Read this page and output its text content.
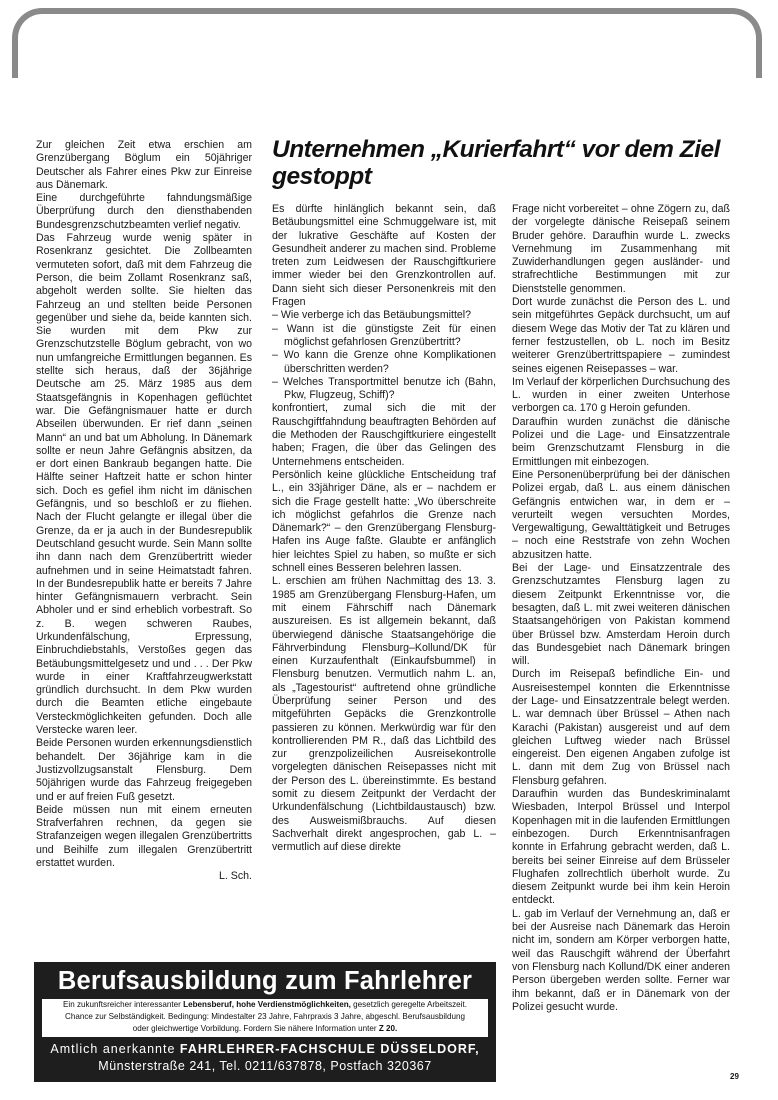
Zur gleichen Zeit etwa erschien am Grenzübergang Böglum ein 50jähriger Deutscher als Fahrer eines Pkw zur Einreise aus Dänemark.

Eine durchgeführte fahndungsmäßige Überprüfung durch den diensthabenden Bundesgrenzschutzbeamten verlief negativ.

Das Fahrzeug wurde wenig später in Rosenkranz gesichtet. Die Zollbeamten vermuteten sofort, daß mit dem Fahrzeug die Person, die beim Zollamt Rosenkranz saß, abgeholt werden sollte. Sie hielten das Fahrzeug an und stellten beide Personen gegenüber und siehe da, beide kannten sich. Sie wurden mit dem Pkw zur Grenzschutzstelle Böglum gebracht, von wo nun umfangreiche Ermittlungen begannen. Es stellte sich heraus, daß der 36jährige Deutsche am 25. März 1985 aus dem Staatsgefängnis in Kopenhagen geflüchtet war. Die Gefängnismauer hatte er durch Abseilen überwunden. Er rief dann „seinen Mann“ an und bat um Abholung. In Dänemark sollte er neun Jahre Gefängnis absitzen, da er dort einen Bankraub begangen hatte. Die Hälfte seiner Haftzeit hatte er schon hinter sich. Doch es gefiel ihm nicht im dänischen Gefängnis, und so beschloß er zu fliehen. Nach der Flucht gelangte er illegal über die Grenze, da er ja auch in der Bundesrepublik Deutschland gesucht wurde. Sein Mann sollte ihn dann nach dem Grenzübertritt wieder aufnehmen und in seine Heimatstadt fahren. In der Bundesrepublik hatte er bereits 7 Jahre hinter Gefängnismauern verbracht. Sein Abholer und er sind erheblich vorbestraft. So z. B. wegen schweren Raubes, Urkundenfälschung, Erpressung, Einbruchdiebstahls, Verstoßes gegen das Betäubungsmittelgesetz und und . . . Der Pkw wurde in einer Kraftfahrzeugwerkstatt gründlich durchsucht. In dem Pkw wurden durch die Beamten etliche eingebaute Versteckmöglichkeiten gefunden. Doch alle Verstecke waren leer.

Beide Personen wurden erkennungsdienstlich behandelt. Der 36jährige kam in die Justizvollzugsanstalt Flensburg. Dem 50jährigen wurde das Fahrzeug freigegeben und er auf freien Fuß gesetzt.

Beide müssen nun mit einem erneuten Strafverfahren rechnen, da gegen sie Strafanzeigen wegen illegalen Grenzübertritts und Beihilfe zum illegalen Grenzübertritt erstattet wurden.

L. Sch.
Unternehmen „Kurierfahrt“ vor dem Ziel gestoppt

Es dürfte hinlänglich bekannt sein, daß Betäubungsmittel eine Schmuggelware ist, mit der lukrative Geschäfte auf Kosten der Gesundheit anderer zu machen sind. Probleme treten zum Leidwesen der Rauschgiftkuriere immer wieder bei den Grenzkontrollen auf. Dann sieht sich dieser Personenkreis mit den Fragen

– Wie verberge ich das Betäubungsmittel?

– Wann ist die günstigste Zeit für einen möglichst gefahrlosen Grenzübertritt?

– Wo kann die Grenze ohne Komplikationen überschritten werden?

– Welches Transportmittel benutze ich (Bahn, Pkw, Flugzeug, Schiff)?

konfrontiert, zumal sich die mit der Rauschgiftfahndung beauftragten Behörden auf die Methoden der Rauschgiftkuriere eingestellt haben; Fragen, die über das Gelingen des Unternehmens entscheiden.

Persönlich keine glückliche Entscheidung traf L., ein 33jähriger Däne, als er – nachdem er sich die Frage gestellt hatte: „Wo überschreite ich möglichst gefahrlos die Grenze nach Dänemark?“ – den Grenzübergang Flensburg-Hafen ins Auge faßte. Glaubte er anfänglich hier leichtes Spiel zu haben, so mußte er sich schnell eines Besseren belehren lassen.

L. erschien am frühen Nachmittag des 13. 3. 1985 am Grenzübergang Flensburg-Hafen, um mit einem Fährschiff nach Dänemark auszureisen. Es ist allgemein bekannt, daß überwiegend dänische Staatsangehörige die Fährverbindung Flensburg–Kollund/DK für einen Kurzaufenthalt (Einkaufsbummel) in Flensburg benutzen. Vermutlich nahm L. an, als „Tagestourist“ auftretend ohne gründliche Überprüfung seiner Person und des mitgeführten Gepäcks die Grenzkontrolle passieren zu können. Merkwürdig war für den kontrollierenden PM R., daß das Lichtbild des zur grenzpolizeilichen Ausreisekontrolle vorgelegten dänischen Reisepasses nicht mit der Person des L. übereinstimmte. Es bestand somit zu diesem Zeitpunkt der Verdacht der Urkundenfälschung (Lichtbildaustausch) bzw. des Ausweismißbrauchs. Auf diesen Sachverhalt direkt angesprochen, gab L. – vermutlich auf diese direkte

Frage nicht vorbereitet – ohne Zögern zu, daß der vorgelegte dänische Reisepaß seinem Bruder gehöre. Daraufhin wurde L. zwecks Vernehmung im Zusammenhang mit Zuwiderhandlungen gegen ausländer- und strafrechtliche Bestimmungen mit zur Dienststelle genommen.

Dort wurde zunächst die Person des L. und sein mitgeführtes Gepäck durchsucht, um auf diesem Wege das Motiv der Tat zu klären und ferner festzustellen, ob L. noch im Besitz weiterer Grenzübertrittspapiere – zumindest seines eigenen Reisepasses – war.

Im Verlauf der körperlichen Durchsuchung des L. wurden in einer zweiten Unterhose verborgen ca. 170 g Heroin gefunden.

Daraufhin wurden zunächst die dänische Polizei und die Lage- und Einsatzzentrale beim Grenzschutzamt Flensburg in die Ermittlungen mit einbezogen.

Eine Personenüberprüfung bei der dänischen Polizei ergab, daß L. aus einem dänischen Gefängnis entwichen war, in dem er – verurteilt wegen versuchten Mordes, Vergewaltigung, Gewalttätigkeit und Betruges – noch eine Reststrafe von zehn Wochen abzusitzen hatte.

Bei der Lage- und Einsatzzentrale des Grenzschutzamtes Flensburg lagen zu diesem Zeitpunkt Erkenntnisse vor, die besagten, daß L. mit zwei weiteren dänischen Staatsangehörigen von Pakistan kommend über Brüssel bzw. Amsterdam Heroin durch das Bundesgebiet nach Dänemark bringen will.

Durch im Reisepaß befindliche Ein- und Ausreisestempel konnten die Erkenntnisse der Lage- und Einsatzzentrale belegt werden. L. war demnach über Brüssel – Athen nach Karachi (Pakistan) ausgereist und auf dem gleichen Luftweg wieder nach Brüssel eingereist. Den eigenen Angaben zufolge ist L. dann mit dem Zug von Brüssel nach Flensburg gefahren.

Daraufhin wurden das Bundeskriminalamt Wiesbaden, Interpol Brüssel und Interpol Kopenhagen mit in die laufenden Ermittlungen einbezogen. Durch Erkenntnisanfragen konnte in Erfahrung gebracht werden, daß L. bereits bei seiner Einreise auf dem Brüsseler Flughafen zollrechtlich überholt wurde. Zu diesem Zeitpunkt wurde bei ihm kein Heroin entdeckt.

L. gab im Verlauf der Vernehmung an, daß er bei der Ausreise nach Dänemark das Heroin nicht im, sondern am Körper verborgen hatte, weil das Rauschgift während der Überfahrt von Flensburg nach Kollund/DK einer anderen Person übergeben werden sollte. Ferner war ihm bekannt, daß er in Dänemark von der Polizei gesucht wurde.

Berufsausbildung zum Fahrlehrer
Ein zukunftsreicher interessanter Lebensberuf, hohe Verdienstmöglichkeiten, gesetzlich geregelte Arbeitszeit.
Chance zur Selbständigkeit. Bedingung: Mindestalter 23 Jahre, Fahrpraxis 3 Jahre, abgeschl. Berufsausbildung
oder gleichwertige Vorbildung. Fordern Sie nähere Information unter Z 20.
Amtlich anerkannte FAHRLEHRER-FACHSCHULE DÜSSELDORF,
Münsterstraße 241, Tel. 0211/637878, Postfach 320367
29
